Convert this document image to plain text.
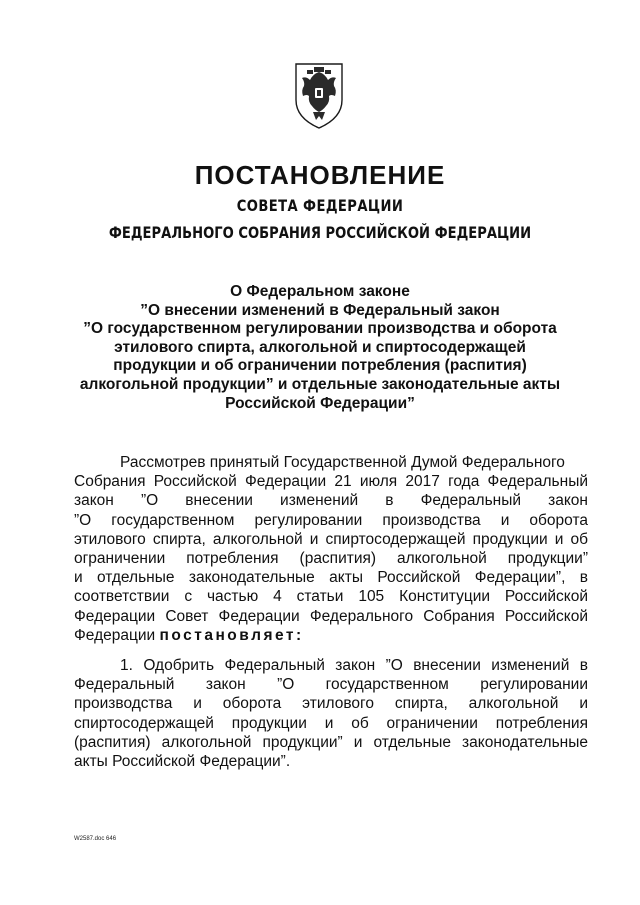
ПОСТАНОВЛЕНИЕ
СОВЕТА ФЕДЕРАЦИИ
ФЕДЕРАЛЬНОГО СОБРАНИЯ РОССИЙСКОЙ ФЕДЕРАЦИИ
О Федеральном законе
”О внесении изменений в Федеральный закон
”О государственном регулировании производства и оборота
этилового спирта, алкогольной и спиртосодержащей
продукции и об ограничении потребления (распития)
алкогольной продукции” и отдельные законодательные акты
Российской Федерации”
Рассмотрев принятый Государственной Думой Федерального
Собрания Российской Федерации 21 июля 2017 года Федеральный
закон ”О внесении изменений в Федеральный закон
”О государственном регулировании производства и оборота
этилового спирта, алкогольной и спиртосодержащей продукции и об
ограничении потребления (распития) алкогольной продукции”
и отдельные законодательные акты Российской Федерации”, в
соответствии с частью 4 статьи 105 Конституции Российской
Федерации Совет Федерации Федерального Собрания Российской
Федерации постановляет:
1. Одобрить Федеральный закон ”О внесении изменений в
Федеральный закон ”О государственном регулировании
производства и оборота этилового спирта, алкогольной и
спиртосодержащей продукции и об ограничении потребления
(распития) алкогольной продукции” и отдельные законодательные
акты Российской Федерации”.
W2587.doc 646
